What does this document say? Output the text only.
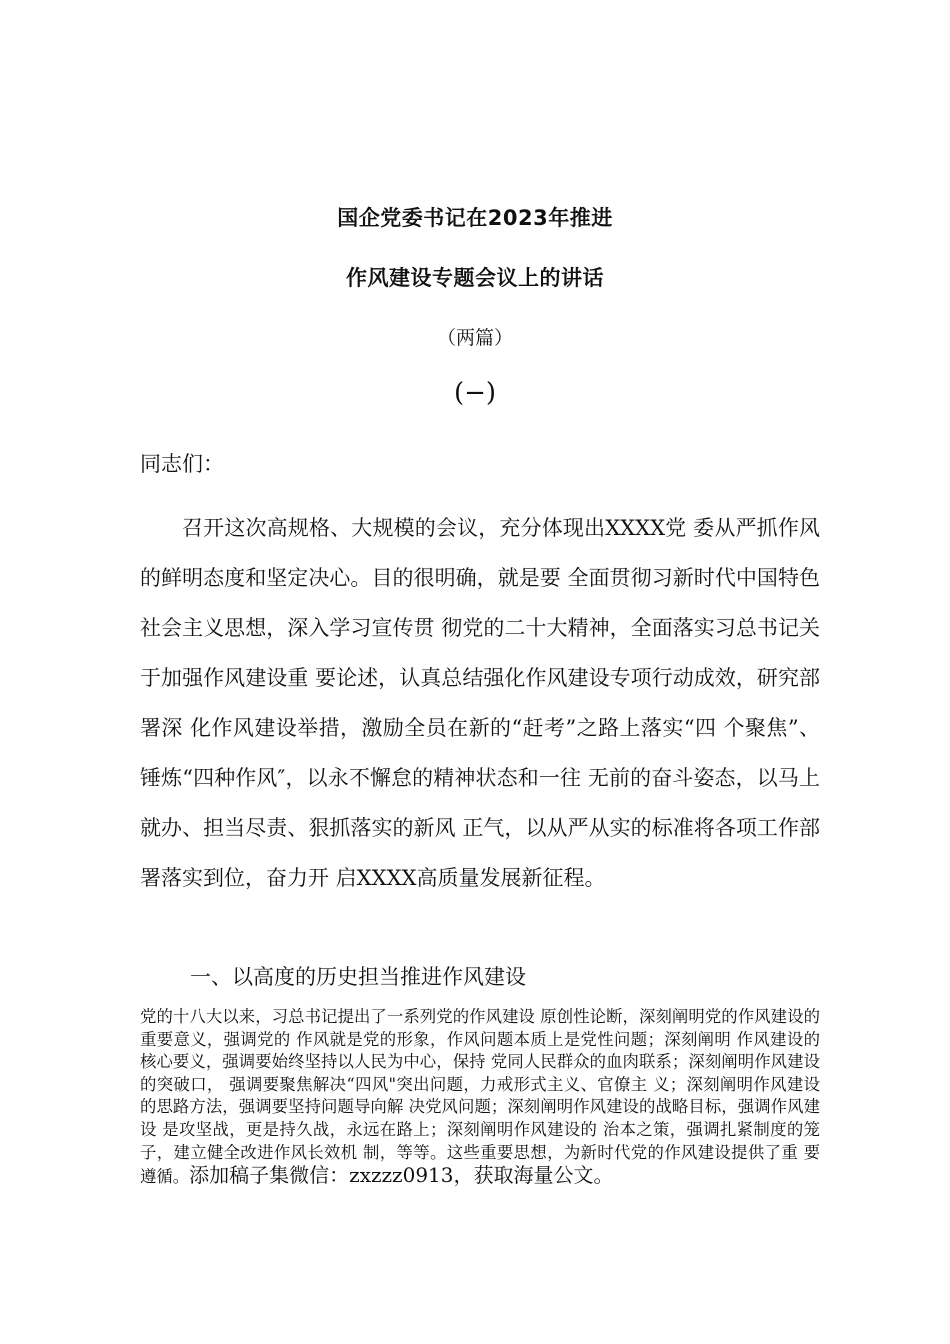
国企党委书记在2023年推进
作风建设专题会议上的讲话
（两篇）
(−)
同志们：

召开这次高规格、大规模的会议，充分体现出XXXX党 委从严抓作风的鲜明态度和坚定决心。目的很明确，就是要 全面贯彻习新时代中国特色社会主义思想，深入学习宣传贯 彻党的二十大精神，全面落实习总书记关于加强作风建设重 要论述，认真总结强化作风建设专项行动成效，研究部署深 化作风建设举措，激励全员在新的“赶考”之路上落实“四 个聚焦”、锤炼“四种作风″，以永不懈怠的精神状态和一往 无前的奋斗姿态，以马上就办、担当尽责、狠抓落实的新风 正气，以从严从实的标准将各项工作部署落实到位，奋力开 启XXXX高质量发展新征程。

一、以高度的历史担当推进作风建设

党的十八大以来，习总书记提出了一系列党的作风建设 原创性论断，深刻阐明党的作风建设的重要意义，强调党的 作风就是党的形象，作风问题本质上是党性问题；深刻阐明 作风建设的核心要义，强调要始终坚持以人民为中心，保持 党同人民群众的血肉联系；深刻阐明作风建设的突破口， 强调要聚焦解决“四风"突出问题，力戒形式主义、官僚主 义；深刻阐明作风建设的思路方法，强调要坚持问题导向解 决党风问题；深刻阐明作风建设的战略目标，强调作风建设 是攻坚战，更是持久战，永远在路上；深刻阐明作风建设的 治本之策，强调扎紧制度的笼子，建立健全改进作风长效机 制，等等。这些重要思想，为新时代党的作风建设提供了重 要遵循。添加稿子集微信：zxzzz0913，获取海量公文。
